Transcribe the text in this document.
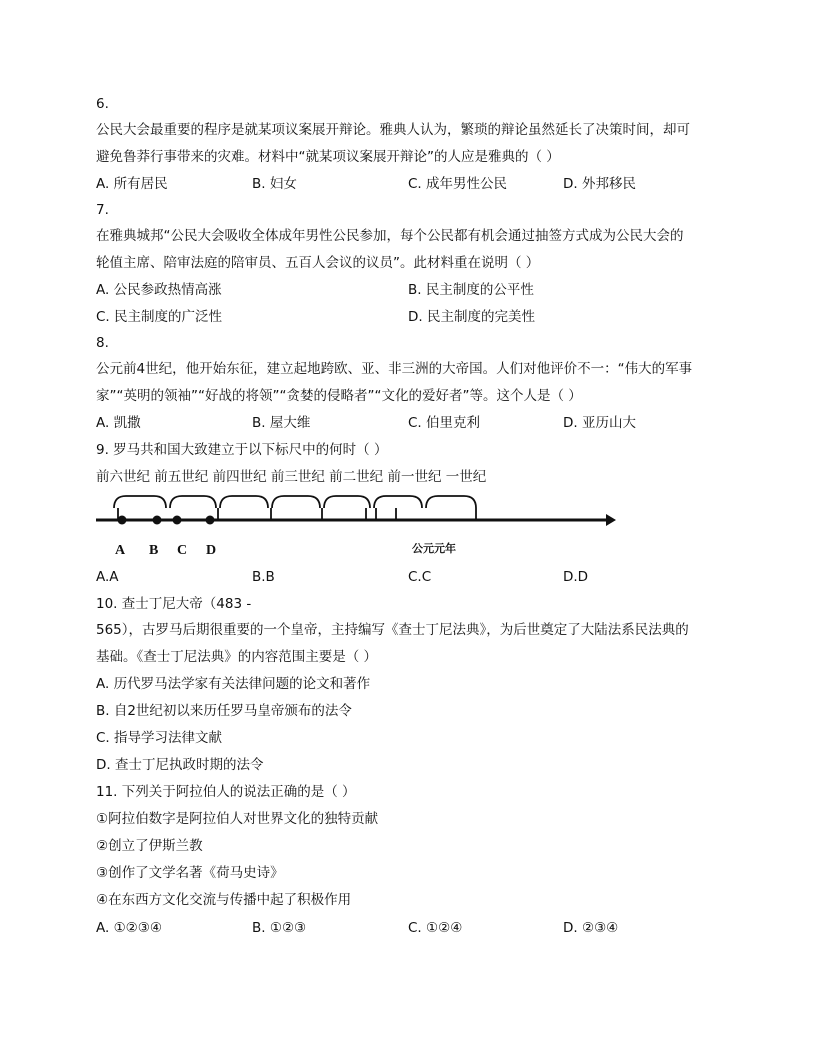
6.
公民大会最重要的程序是就某项议案展开辩论。雅典人认为，繁琐的辩论虽然延长了决策时间，却可
避免鲁莽行事带来的灾难。材料中“就某项议案展开辩论”的人应是雅典的（ ）
A. 所有居民	B. 妇女	C. 成年男性公民	D. 外邦移民
7.
在雅典城邦“公民大会吸收全体成年男性公民参加，每个公民都有机会通过抽签方式成为公民大会的
轮值主席、陪审法庭的陪审员、五百人会议的议员”。此材料重在说明（ ）
A. 公民参政热情高涨	B. 民主制度的公平性
C. 民主制度的广泛性	D. 民主制度的完美性
8.
公元前4世纪，他开始东征，建立起地跨欧、亚、非三洲的大帝国。人们对他评价不一：“伟大的军事
家”“英明的领袖”“好战的将领”“贪婪的侵略者”“文化的爱好者”等。这个人是（ ）
A. 凯撒	B. 屋大维	C. 伯里克利	D. 亚历山大
9. 罗马共和国大致建立于以下标尺中的何时（ ）
前六世纪 前五世纪 前四世纪 前三世纪 前二世纪 前一世纪 一世纪
A B C D	公元元年
A.A	B.B	C.C	D.D
10. 查士丁尼大帝（483 -
565），古罗马后期很重要的一个皇帝，主持编写《查士丁尼法典》，为后世奠定了大陆法系民法典的
基础。《查士丁尼法典》的内容范围主要是（ ）
A. 历代罗马法学家有关法律问题的论文和著作
B. 自2世纪初以来历任罗马皇帝颁布的法令
C. 指导学习法律文献
D. 查士丁尼执政时期的法令
11. 下列关于阿拉伯人的说法正确的是（ ）
①阿拉伯数字是阿拉伯人对世界文化的独特贡献
②创立了伊斯兰教
③创作了文学名著《荷马史诗》
④在东西方文化交流与传播中起了积极作用
A. ①②③④	B. ①②③	C. ①②④	D. ②③④
